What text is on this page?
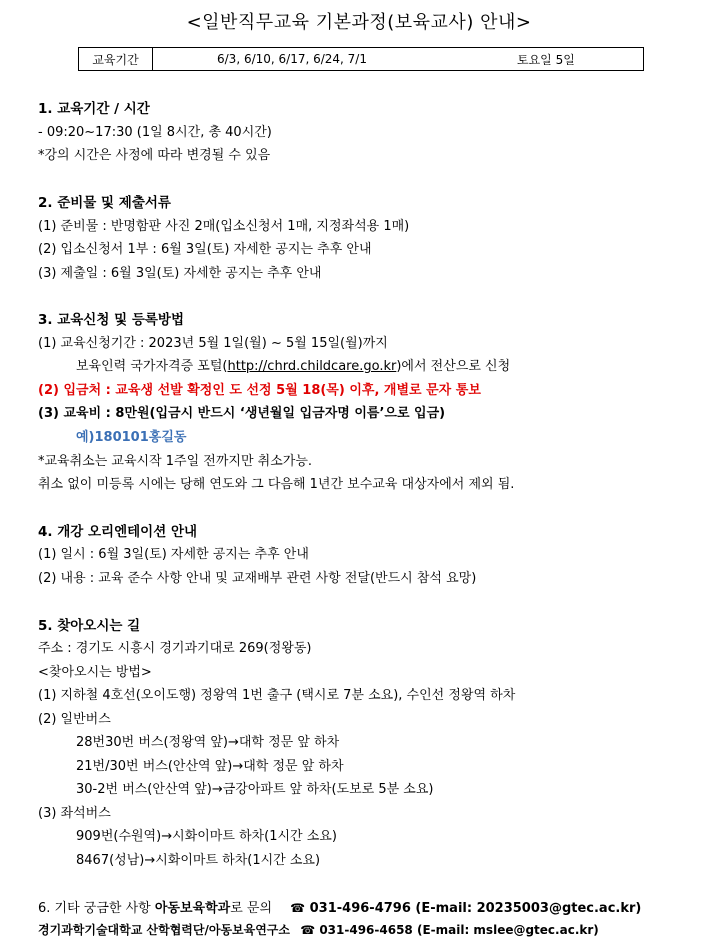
<일반직무교육 기본과정(보육교사) 안내>
교육기간	6/3, 6/10, 6/17, 6/24, 7/1	토요일 5일
1. 교육기간 / 시간
- 09:20~17:30 (1일 8시간, 총 40시간)
*강의 시간은 사정에 따라 변경될 수 있음
2. 준비물 및 제출서류
(1) 준비물 : 반명함판 사진 2매(입소신청서 1매, 지정좌석용 1매)
(2) 입소신청서 1부 : 6월 3일(토) 자세한 공지는 추후 안내
(3) 제출일 : 6월 3일(토) 자세한 공지는 추후 안내
3. 교육신청 및 등록방법
(1) 교육신청기간 : 2023년 5월 1일(월) ~ 5월 15일(월)까지
보육인력 국가자격증 포털(http://chrd.childcare.go.kr)에서 전산으로 신청
(2) 입금처 : 교육생 선발 확정인 도 선정 5월 18(목) 이후, 개별로 문자 통보
(3) 교육비 : 8만원(입금시 반드시 ‘생년월일 입금자명 이름’으로 입금)
예)180101홍길동
*교육취소는 교육시작 1주일 전까지만 취소가능.
취소 없이 미등록 시에는 당해 연도와 그 다음해 1년간 보수교육 대상자에서 제외 됨.
4. 개강 오리엔테이션 안내
(1) 일시 : 6월 3일(토) 자세한 공지는 추후 안내
(2) 내용 : 교육 준수 사항 안내 및 교재배부 관련 사항 전달(반드시 참석 요망)
5. 찾아오시는 길
주소 : 경기도 시흥시 경기과기대로 269(정왕동)
<찾아오시는 방법>
(1) 지하철 4호선(오이도행) 정왕역 1번 출구 (택시로 7분 소요), 수인선 정왕역 하차
(2) 일반버스
28번30번 버스(정왕역 앞)→대학 정문 앞 하차
21번/30번 버스(안산역 앞)→대학 정문 앞 하차
30-2번 버스(안산역 앞)→금강아파트 앞 하차(도보로 5분 소요)
(3) 좌석버스
909번(수원역)→시화이마트 하차(1시간 소요)
8467(성남)→시화이마트 하차(1시간 소요)
6. 기타 궁금한 사항 아동보육학과로 문의 ☎ 031-496-4796 (E-mail: 20235003@gtec.ac.kr)
경기과학기술대학교 산학협력단/아동보육연구소 ☎ 031-496-4658 (E-mail: mslee@gtec.ac.kr)
